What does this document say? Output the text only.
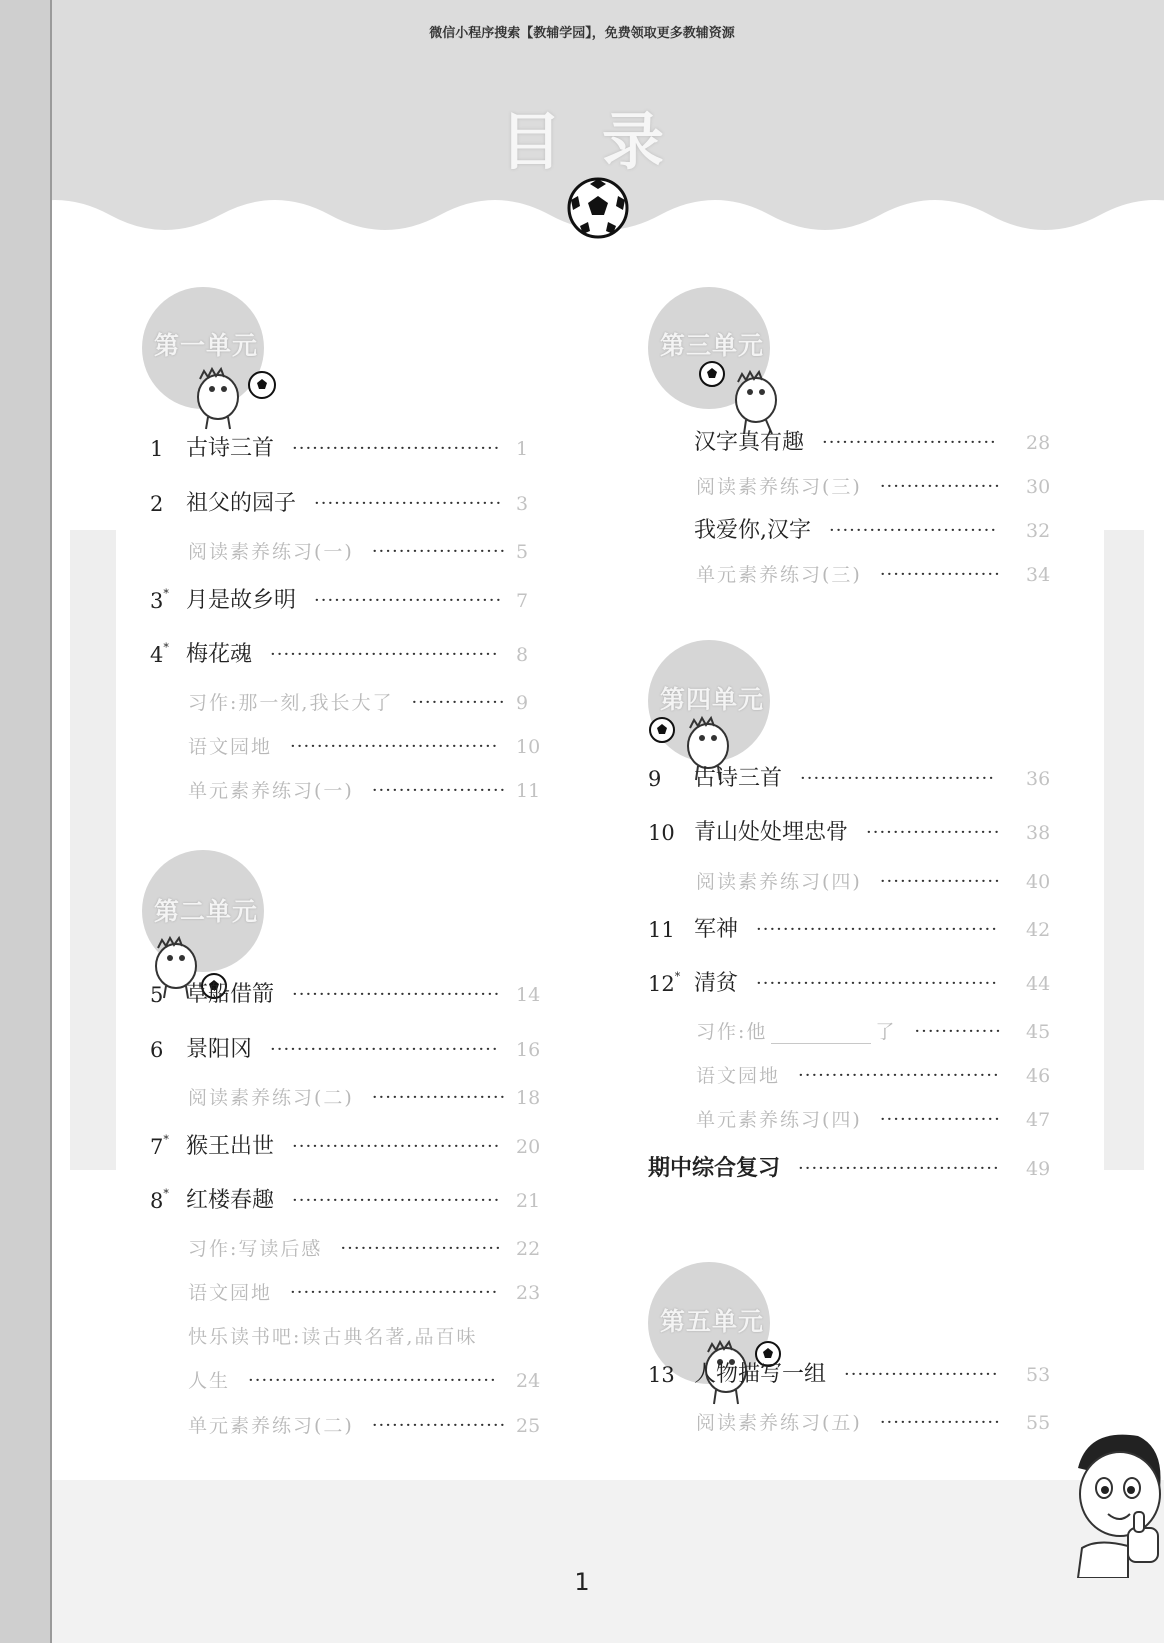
微信小程序搜索【教辅学园】，免费领取更多教辅资源
目录
第一单元
第二单元
第三单元
第四单元
第五单元
1 古诗三首 ······························· 1
2 祖父的园子 ···························· 3
阅读素养练习(一) ···················· 5
3* 月是故乡明 ···························· 7
4* 梅花魂 ·································· 8
习作:那一刻,我长大了 ·············· 9
语文园地 ······························· 10
单元素养练习(一) ···················· 11
5 草船借箭 ······························· 14
6 景阳冈 ·································· 16
阅读素养练习(二) ···················· 18
7* 猴王出世 ······························· 20
8* 红楼春趣 ······························· 21
习作:写读后感 ························ 22
语文园地 ······························· 23
快乐读书吧:读古典名著,品百味
人生 ·····································	24
单元素养练习(二) ···················· 25
汉字真有趣 ··························	28
阅读素养练习(三) ··················	30
我爱你,汉字 ·························	32
单元素养练习(三) ··················	34
9 古诗三首 ·····························	36
10 青山处处埋忠骨 ····················	38
阅读素养练习(四) ··················	40
11 军神 ····································	42
12* 清贫 ····································	44
习作:他	了 ·············	45
语文园地 ······························	46
单元素养练习(四) ··················	47
期中综合复习 ······························	49
13 人物描写一组 ·······················	53
阅读素养练习(五) ··················	55
1
